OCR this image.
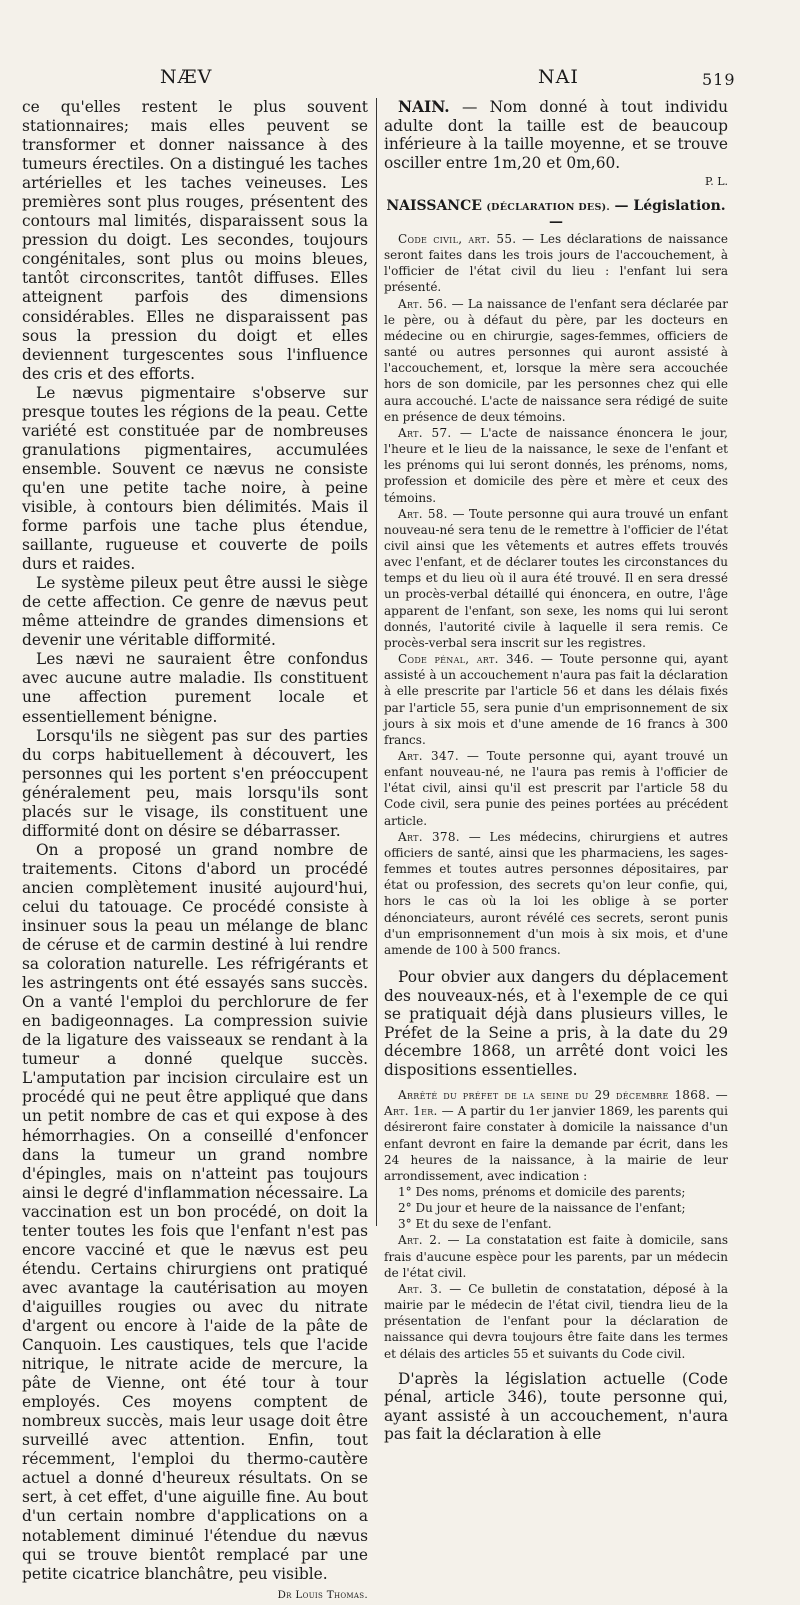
NÆV	NAI	519

ce qu'elles restent le plus souvent stationnaires; mais elles peuvent se transformer et donner naissance à des tumeurs érectiles. On a distingué les taches artérielles et les taches veineuses. Les premières sont plus rouges, présentent des contours mal limités, disparaissent sous la pression du doigt. Les secondes, toujours congénitales, sont plus ou moins bleues, tantôt circonscrites, tantôt diffuses. Elles atteignent parfois des dimensions considérables. Elles ne disparaissent pas sous la pression du doigt et elles deviennent turgescentes sous l'influence des cris et des efforts.

Le nævus pigmentaire s'observe sur presque toutes les régions de la peau. Cette variété est constituée par de nombreuses granulations pigmentaires, accumulées ensemble. Souvent ce nævus ne consiste qu'en une petite tache noire, à peine visible, à contours bien délimités. Mais il forme parfois une tache plus étendue, saillante, rugueuse et couverte de poils durs et raides.

Le système pileux peut être aussi le siège de cette affection. Ce genre de nævus peut même atteindre de grandes dimensions et devenir une véritable difformité.

Les nævi ne sauraient être confondus avec aucune autre maladie. Ils constituent une affection purement locale et essentiellement bénigne.

Lorsqu'ils ne siègent pas sur des parties du corps habituellement à découvert, les personnes qui les portent s'en préoccupent généralement peu, mais lorsqu'ils sont placés sur le visage, ils constituent une difformité dont on désire se débarrasser.

On a proposé un grand nombre de traitements. Citons d'abord un procédé ancien complètement inusité aujourd'hui, celui du tatouage. Ce procédé consiste à insinuer sous la peau un mélange de blanc de céruse et de carmin destiné à lui rendre sa coloration naturelle. Les réfrigérants et les astringents ont été essayés sans succès. On a vanté l'emploi du perchlorure de fer en badigeonnages. La compression suivie de la ligature des vaisseaux se rendant à la tumeur a donné quelque succès. L'amputation par incision circulaire est un procédé qui ne peut être appliqué que dans un petit nombre de cas et qui expose à des hémorrhagies. On a conseillé d'enfoncer dans la tumeur un grand nombre d'épingles, mais on n'atteint pas toujours ainsi le degré d'inflammation nécessaire. La vaccination est un bon procédé, on doit la tenter toutes les fois que l'enfant n'est pas encore vacciné et que le nævus est peu étendu. Certains chirurgiens ont pratiqué avec avantage la cautérisation au moyen d'aiguilles rougies ou avec du nitrate d'argent ou encore à l'aide de la pâte de Canquoin. Les caustiques, tels que l'acide nitrique, le nitrate acide de mercure, la pâte de Vienne, ont été tour à tour employés. Ces moyens comptent de nombreux succès, mais leur usage doit être surveillé avec attention. Enfin, tout récemment, l'emploi du thermo-cautère actuel a donné d'heureux résultats. On se sert, à cet effet, d'une aiguille fine. Au bout d'un certain nombre d'applications on a notablement diminué l'étendue du nævus qui se trouve bientôt remplacé par une petite cicatrice blanchâtre, peu visible.

Dr Louis Thomas.

NAIN. — Nom donné à tout individu adulte dont la taille est de beaucoup inférieure à la taille moyenne, et se trouve osciller entre 1m,20 et 0m,60.

P. L.
NAISSANCE (DÉCLARATION DES). — Législation. —

Code civil, art. 55. — Les déclarations de naissance seront faites dans les trois jours de l'accouchement, à l'officier de l'état civil du lieu : l'enfant lui sera présenté.

Art. 56. — La naissance de l'enfant sera déclarée par le père, ou à défaut du père, par les docteurs en médecine ou en chirurgie, sages-femmes, officiers de santé ou autres personnes qui auront assisté à l'accouchement, et, lorsque la mère sera accouchée hors de son domicile, par les personnes chez qui elle aura accouché. L'acte de naissance sera rédigé de suite en présence de deux témoins.

Art. 57. — L'acte de naissance énoncera le jour, l'heure et le lieu de la naissance, le sexe de l'enfant et les prénoms qui lui seront donnés, les prénoms, noms, profession et domicile des père et mère et ceux des témoins.

Art. 58. — Toute personne qui aura trouvé un enfant nouveau-né sera tenu de le remettre à l'officier de l'état civil ainsi que les vêtements et autres effets trouvés avec l'enfant, et de déclarer toutes les circonstances du temps et du lieu où il aura été trouvé. Il en sera dressé un procès-verbal détaillé qui énoncera, en outre, l'âge apparent de l'enfant, son sexe, les noms qui lui seront donnés, l'autorité civile à laquelle il sera remis. Ce procès-verbal sera inscrit sur les registres.

Code pénal, art. 346. — Toute personne qui, ayant assisté à un accouchement n'aura pas fait la déclaration à elle prescrite par l'article 56 et dans les délais fixés par l'article 55, sera punie d'un emprisonnement de six jours à six mois et d'une amende de 16 francs à 300 francs.

Art. 347. — Toute personne qui, ayant trouvé un enfant nouveau-né, ne l'aura pas remis à l'officier de l'état civil, ainsi qu'il est prescrit par l'article 58 du Code civil, sera punie des peines portées au précédent article.

Art. 378. — Les médecins, chirurgiens et autres officiers de santé, ainsi que les pharmaciens, les sages-femmes et toutes autres personnes dépositaires, par état ou profession, des secrets qu'on leur confie, qui, hors le cas où la loi les oblige à se porter dénonciateurs, auront révélé ces secrets, seront punis d'un emprisonnement d'un mois à six mois, et d'une amende de 100 à 500 francs.

Pour obvier aux dangers du déplacement des nouveaux-nés, et à l'exemple de ce qui se pratiquait déjà dans plusieurs villes, le Préfet de la Seine a pris, à la date du 29 décembre 1868, un arrêté dont voici les dispositions essentielles.

Arrêté du préfet de la seine du 29 décembre 1868. — Art. 1er. — A partir du 1er janvier 1869, les parents qui désireront faire constater à domicile la naissance d'un enfant devront en faire la demande par écrit, dans les 24 heures de la naissance, à la mairie de leur arrondissement, avec indication :

1° Des noms, prénoms et domicile des parents;

2° Du jour et heure de la naissance de l'enfant;

3° Et du sexe de l'enfant.

Art. 2. — La constatation est faite à domicile, sans frais d'aucune espèce pour les parents, par un médecin de l'état civil.

Art. 3. — Ce bulletin de constatation, déposé à la mairie par le médecin de l'état civil, tiendra lieu de la présentation de l'enfant pour la déclaration de naissance qui devra toujours être faite dans les termes et délais des articles 55 et suivants du Code civil.

D'après la législation actuelle (Code pénal, article 346), toute personne qui, ayant assisté à un accouchement, n'aura pas fait la déclaration à elle
